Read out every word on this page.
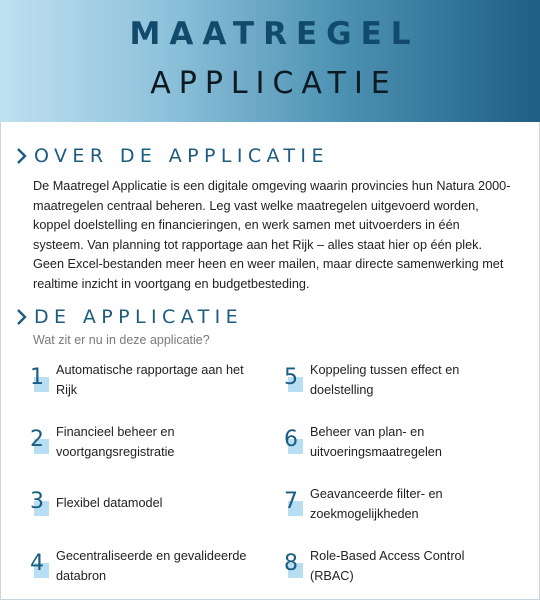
MAATREGEL
APPLICATIE
OVER DE APPLICATIE

De Maatregel Applicatie is een digitale omgeving waarin provincies hun Natura 2000-maatregelen centraal beheren. Leg vast welke maatregelen uitgevoerd worden, koppel doelstelling en financieringen, en werk samen met uitvoerders in één systeem. Van planning tot rapportage aan het Rijk – alles staat hier op één plek. Geen Excel-bestanden meer heen en weer mailen, maar directe samenwerking met realtime inzicht in voortgang en budgetbesteding.

DE APPLICATIE
Wat zit er nu in deze applicatie?
1 Automatische rapportage aan het Rijk
2 Financieel beheer en voortgangsregistratie
3 Flexibel datamodel
4 Gecentraliseerde en gevalideerde databron
5 Koppeling tussen effect en doelstelling
6 Beheer van plan- en uitvoeringsmaatregelen
7 Geavanceerde filter- en zoekmogelijkheden
8 Role-Based Access Control (RBAC)
